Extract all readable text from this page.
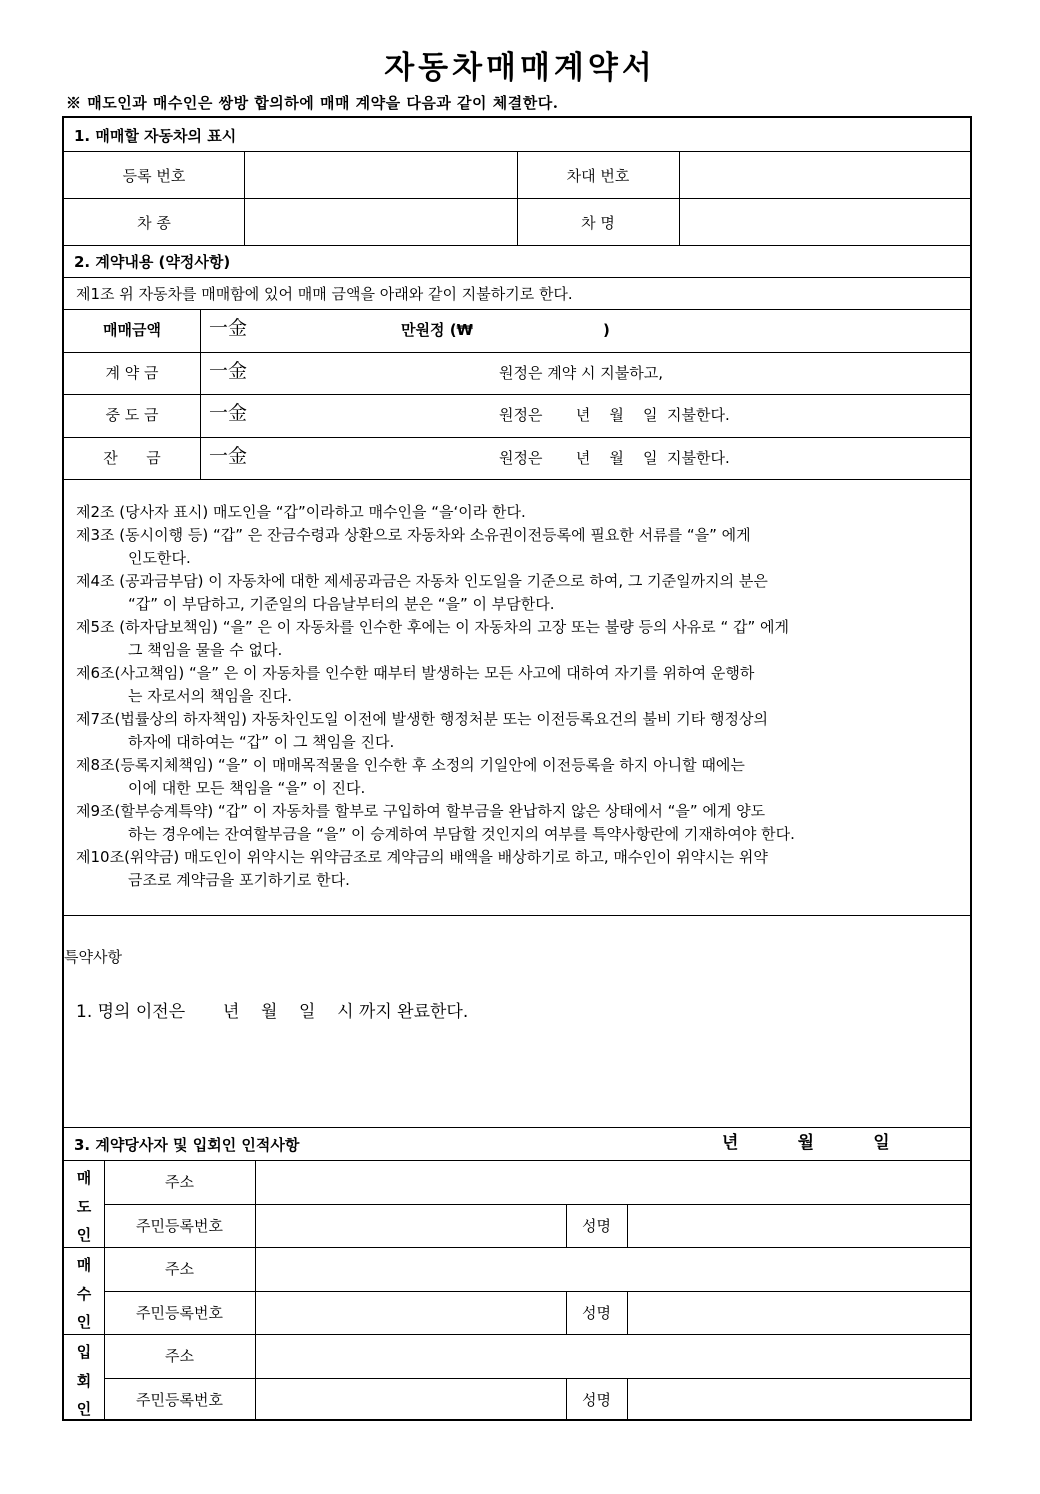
자동차매매계약서
※ 매도인과 매수인은 쌍방 합의하에 매매 계약을 다음과 같이 체결한다.
1. 매매할 자동차의 표시
등록 번호	차대 번호
차 종	차 명
2. 계약내용 (약정사항)
제1조 위 자동차를 매매함에 있어 매매 금액을 아래와 같이 지불하기로 한다.
매매금액	一金	만원정 (₩	)
계 약 금	一金	원정은 계약 시 지불하고,
중 도 금	一金	원정은       년    월    일  지불한다.
잔      금	一金	원정은       년    월    일  지불한다.
제2조 (당사자 표시) 매도인을 “갑”이라하고 매수인을 “을‘이라 한다.
제3조 (동시이행 등) “갑” 은 잔금수령과 상환으로 자동차와 소유권이전등록에 필요한 서류를 “을” 에게
인도한다.
제4조 (공과금부담) 이 자동차에 대한 제세공과금은 자동차 인도일을 기준으로 하여, 그 기준일까지의 분은
“갑” 이 부담하고, 기준일의 다음날부터의 분은 “을” 이 부담한다.
제5조 (하자담보책임) “을” 은 이 자동차를 인수한 후에는 이 자동차의 고장 또는 불량 등의 사유로 “ 갑” 에게
그 책임을 물을 수 없다.
제6조(사고책임) “을” 은 이 자동차를 인수한 때부터 발생하는 모든 사고에 대하여 자기를 위하여 운행하
는 자로서의 책임을 진다.
제7조(법률상의 하자책임) 자동차인도일 이전에 발생한 행정처분 또는 이전등록요건의 불비 기타 행정상의
하자에 대하여는 “갑” 이 그 책임을 진다.
제8조(등록지체책임) “을” 이 매매목적물을 인수한 후 소정의 기일안에 이전등록을 하지 아니할 때에는
이에 대한 모든 책임을 “을” 이 진다.
제9조(할부승계특약) “갑” 이 자동차를 할부로 구입하여 할부금을 완납하지 않은 상태에서 “을” 에게 양도
하는 경우에는 잔여할부금을 “을” 이 승계하여 부담할 것인지의 여부를 특약사항란에 기재하여야 한다.
제10조(위약금) 매도인이 위약시는 위약금조로 계약금의 배액을 배상하기로 하고, 매수인이 위약시는 위약
금조로 계약금을 포기하기로 한다.
특약사항
1. 명의 이전은       년    월    일    시 까지 완료한다.
3. 계약당사자 및 입회인 인적사항	년          월          일
매
도
인
주소
주민등록번호	성명
매
수
인
주소
주민등록번호	성명
입
회
인
주소
주민등록번호	성명
